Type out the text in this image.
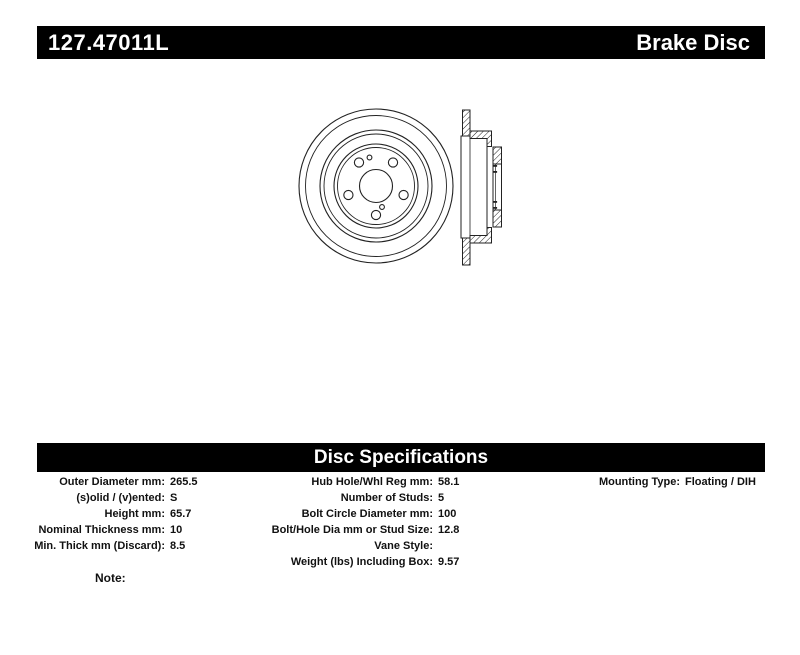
127.47011L	Brake Disc
Disc Specifications
Outer Diameter mm: 265.5
(s)olid / (v)ented: S
Height mm: 65.7
Nominal Thickness mm: 10
Min. Thick mm (Discard): 8.5
Hub Hole/Whl Reg mm: 58.1
Number of Studs: 5
Bolt Circle Diameter mm: 100
Bolt/Hole Dia mm or Stud Size: 12.8
Vane Style:
Weight (lbs) Including Box: 9.57
Mounting Type: Floating / DIH
Note:
